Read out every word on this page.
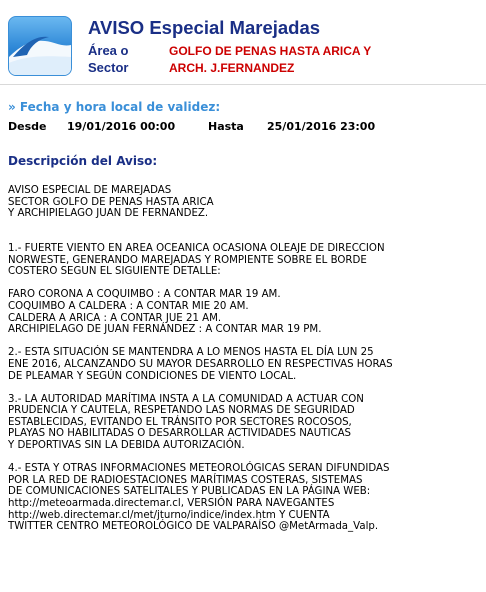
AVISO Especial Marejadas
Área o
Sector
GOLFO DE PENAS HASTA ARICA Y
ARCH. J.FERNANDEZ
» Fecha y hora local de validez:
Desde 19/01/2016 00:00	Hasta 25/01/2016 23:00
Descripción del Aviso:
AVISO ESPECIAL DE MAREJADAS
SECTOR GOLFO DE PENAS HASTA ARICA
Y ARCHIPIELAGO JUAN DE FERNANDEZ.

1.- FUERTE VIENTO EN AREA OCEANICA OCASIONA OLEAJE DE DIRECCION
NORWESTE, GENERANDO MAREJADAS Y ROMPIENTE SOBRE EL BORDE
COSTERO SEGUN EL SIGUIENTE DETALLE:

FARO CORONA A COQUIMBO : A CONTAR MAR 19 AM.
COQUIMBO A CALDERA : A CONTAR MIE 20 AM.
CALDERA A ARICA : A CONTAR JUE 21 AM.
ARCHIPIELAGO DE JUAN FERNÁNDEZ : A CONTAR MAR 19 PM.

2.- ESTA SITUACIÓN SE MANTENDRA A LO MENOS HASTA EL DÍA LUN 25
ENE 2016, ALCANZANDO SU MAYOR DESARROLLO EN RESPECTIVAS HORAS
DE PLEAMAR Y SEGÚN CONDICIONES DE VIENTO LOCAL.

3.- LA AUTORIDAD MARÍTIMA INSTA A LA COMUNIDAD A ACTUAR CON
PRUDENCIA Y CAUTELA, RESPETANDO LAS NORMAS DE SEGURIDAD
ESTABLECIDAS, EVITANDO EL TRÁNSITO POR SECTORES ROCOSOS,
PLAYAS NO HABILITADAS O DESARROLLAR ACTIVIDADES NAUTICAS
Y DEPORTIVAS SIN LA DEBIDA AUTORIZACIÓN.

4.- ESTA Y OTRAS INFORMACIONES METEOROLÓGICAS SERAN DIFUNDIDAS
POR LA RED DE RADIOESTACIONES MARÍTIMAS COSTERAS, SISTEMAS
DE COMUNICACIONES SATELITALES Y PUBLICADAS EN LA PÁGINA WEB:
http://meteoarmada.directemar.cl, VERSIÓN PARA NAVEGANTES
http://web.directemar.cl/met/jturno/indice/index.htm Y CUENTA
TWITTER CENTRO METEOROLÓGICO DE VALPARAÍSO @MetArmada_Valp.
